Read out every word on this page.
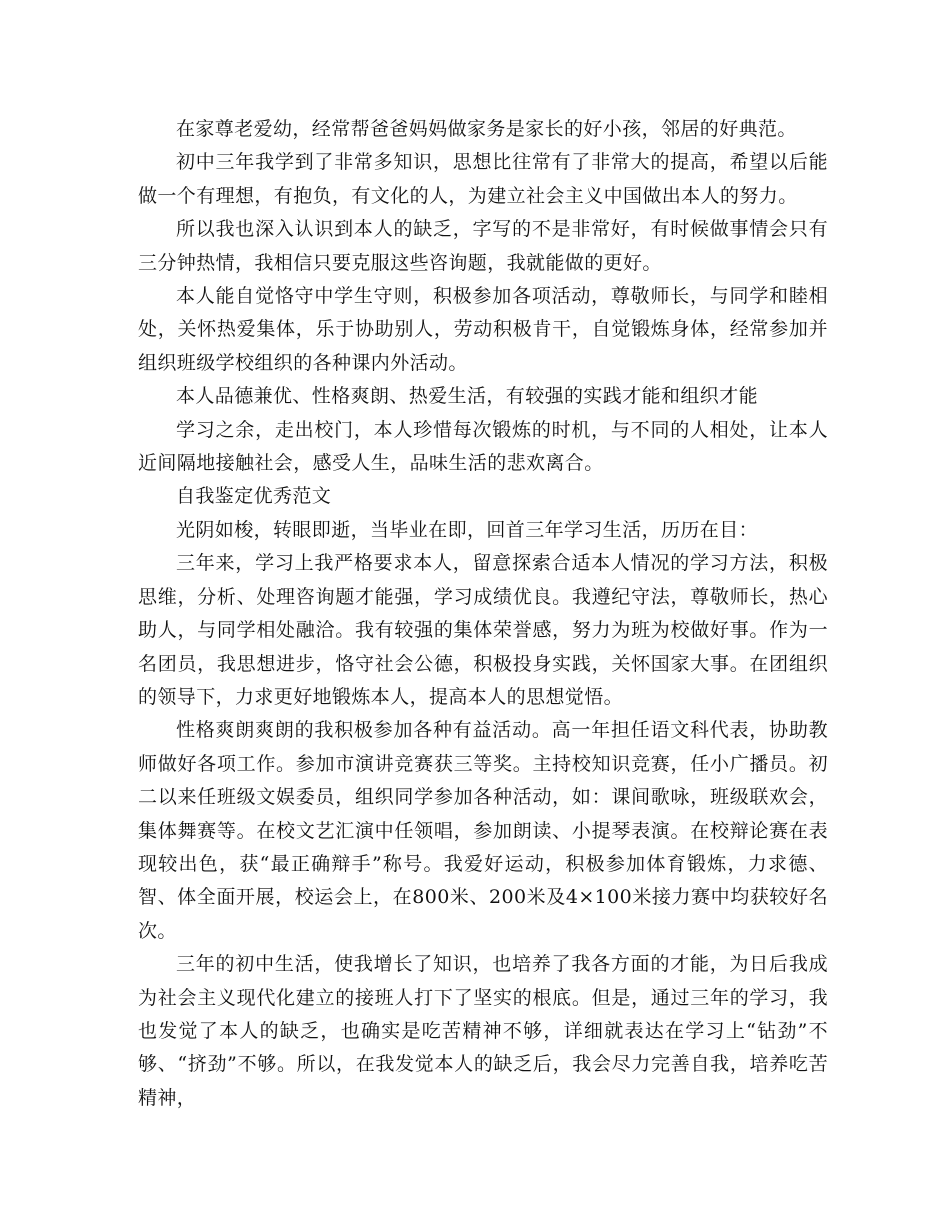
在家尊老爱幼，经常帮爸爸妈妈做家务是家长的好小孩，邻居的好典范。

初中三年我学到了非常多知识，思想比往常有了非常大的提高，希望以后能做一个有理想，有抱负，有文化的人，为建立社会主义中国做出本人的努力。

所以我也深入认识到本人的缺乏，字写的不是非常好，有时候做事情会只有三分钟热情，我相信只要克服这些咨询题，我就能做的更好。

本人能自觉恪守中学生守则，积极参加各项活动，尊敬师长，与同学和睦相处，关怀热爱集体，乐于协助别人，劳动积极肯干，自觉锻炼身体，经常参加并组织班级学校组织的各种课内外活动。

本人品德兼优、性格爽朗、热爱生活，有较强的实践才能和组织才能

学习之余，走出校门，本人珍惜每次锻炼的时机，与不同的人相处，让本人近间隔地接触社会，感受人生，品味生活的悲欢离合。

自我鉴定优秀范文

光阴如梭，转眼即逝，当毕业在即，回首三年学习生活，历历在目：

三年来，学习上我严格要求本人，留意探索合适本人情况的学习方法，积极思维，分析、处理咨询题才能强，学习成绩优良。我遵纪守法，尊敬师长，热心助人，与同学相处融洽。我有较强的集体荣誉感，努力为班为校做好事。作为一名团员，我思想进步，恪守社会公德，积极投身实践，关怀国家大事。在团组织的领导下，力求更好地锻炼本人，提高本人的思想觉悟。

性格爽朗爽朗的我积极参加各种有益活动。高一年担任语文科代表，协助教师做好各项工作。参加市演讲竞赛获三等奖。主持校知识竞赛，任小广播员。初二以来任班级文娱委员，组织同学参加各种活动，如：课间歌咏，班级联欢会，集体舞赛等。在校文艺汇演中任领唱，参加朗读、小提琴表演。在校辩论赛在表现较出色，获“最正确辩手”称号。我爱好运动，积极参加体育锻炼，力求德、智、体全面开展，校运会上，在800米、200米及4×100米接力赛中均获较好名次。

三年的初中生活，使我增长了知识，也培养了我各方面的才能，为日后我成为社会主义现代化建立的接班人打下了坚实的根底。但是，通过三年的学习，我也发觉了本人的缺乏，也确实是吃苦精神不够，详细就表达在学习上“钻劲”不够、“挤劲”不够。所以，在我发觉本人的缺乏后，我会尽力完善自我，培养吃苦精神，
